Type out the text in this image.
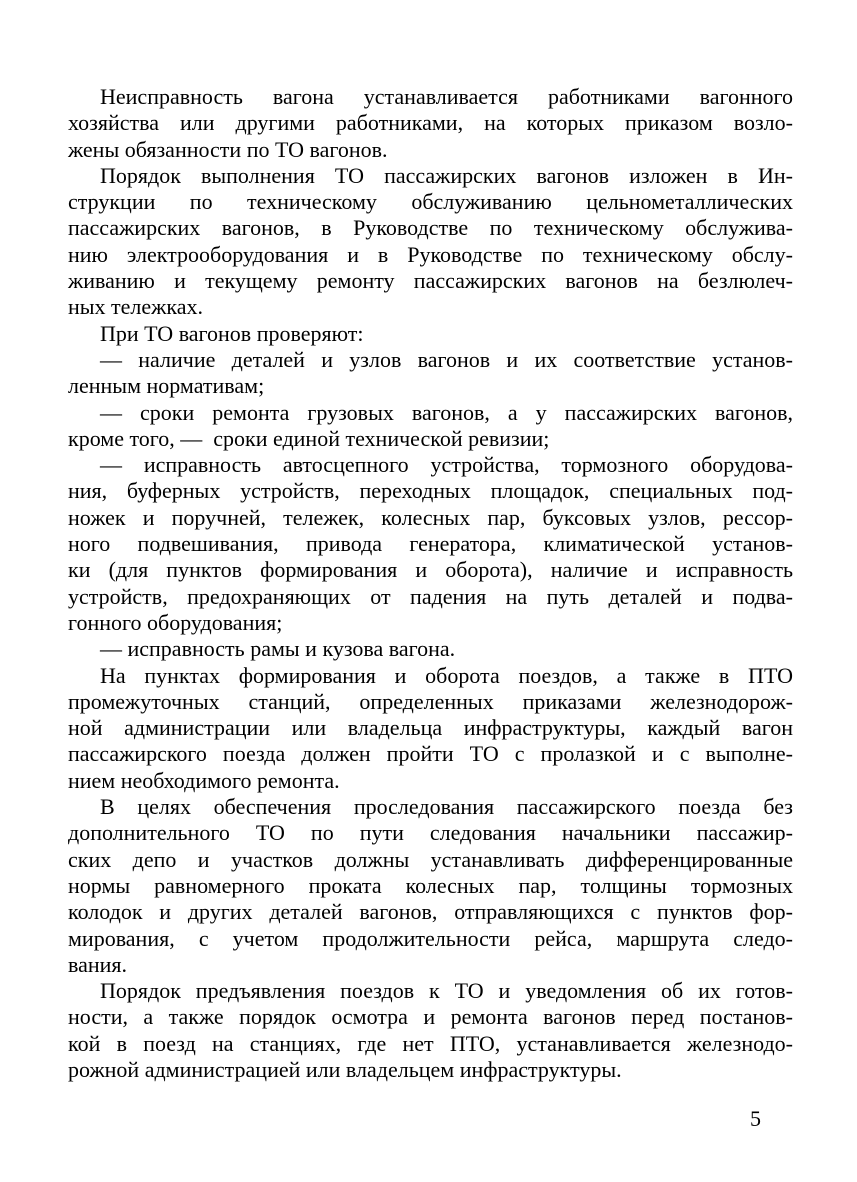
Неисправность вагона устанавливается работниками вагонного
хозяйства или другими работниками, на которых приказом возло-
жены обязанности по ТО вагонов.

Порядок выполнения ТО пассажирских вагонов изложен в Ин-
струкции по техническому обслуживанию цельнометаллических
пассажирских вагонов, в Руководстве по техническому обслужива-
нию электрооборудования и в Руководстве по техническому обслу-
живанию и текущему ремонту пассажирских вагонов на безлюлеч-
ных тележках.

При ТО вагонов проверяют:

— наличие деталей и узлов вагонов и их соответствие установ-
ленным нормативам;

— сроки ремонта грузовых вагонов, а у пассажирских вагонов,
кроме того, —  сроки единой технической ревизии;

— исправность автосцепного устройства, тормозного оборудова-
ния, буферных устройств, переходных площадок, специальных под-
ножек и поручней, тележек, колесных пар, буксовых узлов, рессор-
ного подвешивания, привода генератора, климатической установ-
ки (для пунктов формирования и оборота), наличие и исправность
устройств, предохраняющих от падения на путь деталей и подва-
гонного оборудования;

— исправность рамы и кузова вагона.

На пунктах формирования и оборота поездов, а также в ПТО
промежуточных станций, определенных приказами железнодорож-
ной администрации или владельца инфраструктуры, каждый вагон
пассажирского поезда должен пройти ТО с пролазкой и с выполне-
нием необходимого ремонта.

В целях обеспечения проследования пассажирского поезда без
дополнительного ТО по пути следования начальники пассажир-
ских депо и участков должны устанавливать дифференцированные
нормы равномерного проката колесных пар, толщины тормозных
колодок и других деталей вагонов, отправляющихся с пунктов фор-
мирования, с учетом продолжительности рейса, маршрута следо-
вания.

Порядок предъявления поездов к ТО и уведомления об их готов-
ности, а также порядок осмотра и ремонта вагонов перед постанов-
кой в поезд на станциях, где нет ПТО, устанавливается железнодо-
рожной администрацией или владельцем инфраструктуры.

5
